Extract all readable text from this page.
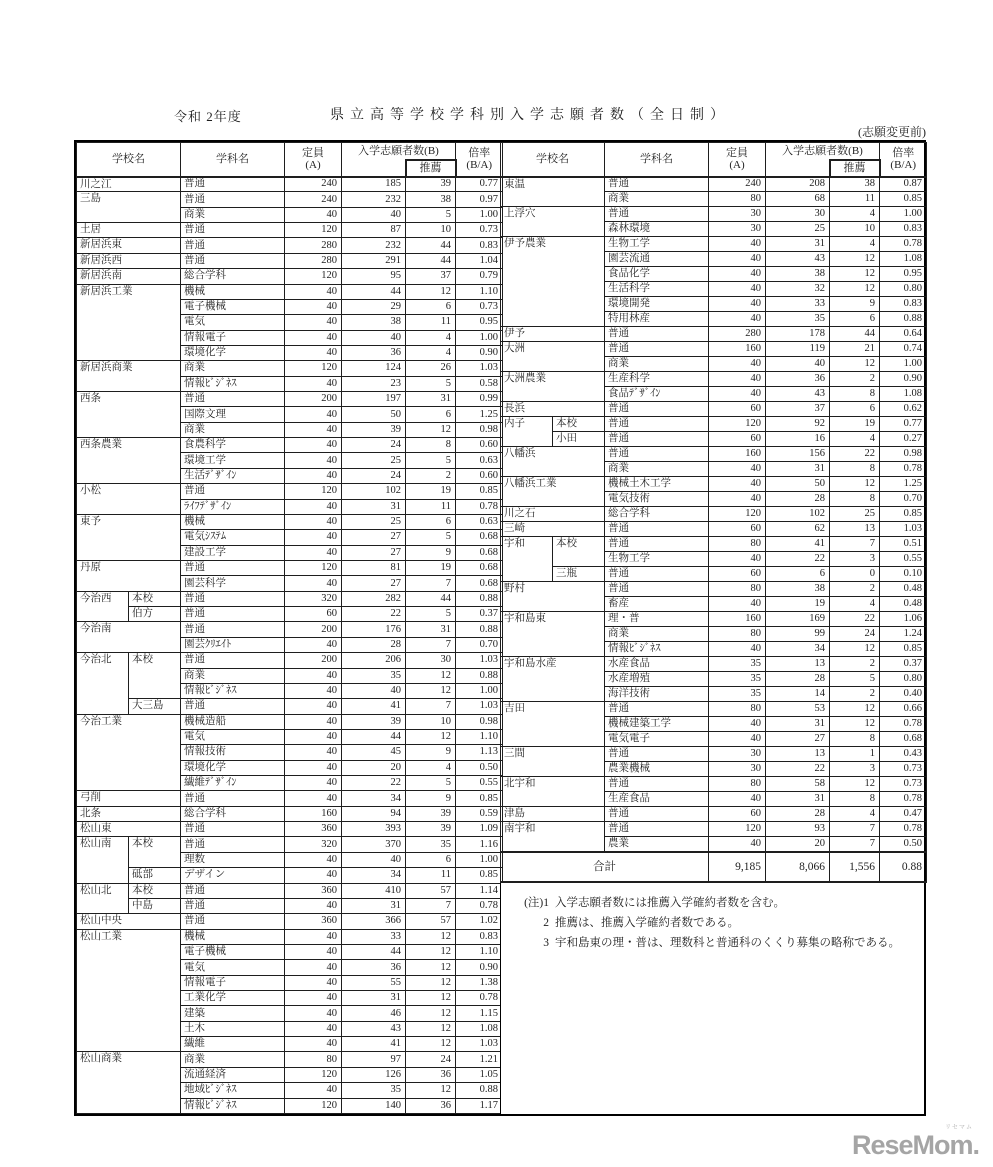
令和 2年度	県立高等学校学科別入学志願者数（全日制）
(志願変更前)
学校名		学科名	定員
(A)	入学志願者数(B)		倍率
(B/A)
					推薦	
川之江		普通	240	185	39	0.77
三島		普通	240	232	38	0.97
		商業	40	40	5	1.00
土居		普通	120	87	10	0.73
新居浜東		普通	280	232	44	0.83
新居浜西		普通	280	291	44	1.04
新居浜南		総合学科	120	95	37	0.79
新居浜工業		機械	40	44	12	1.10
		電子機械	40	29	6	0.73
		電気	40	38	11	0.95
		情報電子	40	40	4	1.00
		環境化学	40	36	4	0.90
新居浜商業		商業	120	124	26	1.03
		情報ﾋﾞｼﾞﾈｽ	40	23	5	0.58
西条		普通	200	197	31	0.99
		国際文理	40	50	6	1.25
		商業	40	39	12	0.98
西条農業		食農科学	40	24	8	0.60
		環境工学	40	25	5	0.63
		生活ﾃﾞｻﾞｲﾝ	40	24	2	0.60
小松		普通	120	102	19	0.85
		ﾗｲﾌﾃﾞｻﾞｲﾝ	40	31	11	0.78
東予		機械	40	25	6	0.63
		電気ｼｽﾃﾑ	40	27	5	0.68
		建設工学	40	27	9	0.68
丹原		普通	120	81	19	0.68
		園芸科学	40	27	7	0.68
今治西	本校	普通	320	282	44	0.88
	伯方	普通	60	22	5	0.37
今治南		普通	200	176	31	0.88
		園芸ｸﾘｴｲﾄ	40	28	7	0.70
今治北	本校	普通	200	206	30	1.03
		商業	40	35	12	0.88
		情報ﾋﾞｼﾞﾈｽ	40	40	12	1.00
	大三島	普通	40	41	7	1.03
今治工業		機械造船	40	39	10	0.98
		電気	40	44	12	1.10
		情報技術	40	45	9	1.13
		環境化学	40	20	4	0.50
		繊維ﾃﾞｻﾞｲﾝ	40	22	5	0.55
弓削		普通	40	34	9	0.85
北条		総合学科	160	94	39	0.59
松山東		普通	360	393	39	1.09
松山南	本校	普通	320	370	35	1.16
		理数	40	40	6	1.00
	砥部	デザイン	40	34	11	0.85
松山北	本校	普通	360	410	57	1.14
	中島	普通	40	31	7	0.78
松山中央		普通	360	366	57	1.02
松山工業		機械	40	33	12	0.83
		電子機械	40	44	12	1.10
		電気	40	36	12	0.90
		情報電子	40	55	12	1.38
		工業化学	40	31	12	0.78
		建築	40	46	12	1.15
		土木	40	43	12	1.08
		繊維	40	41	12	1.03
松山商業		商業	80	97	24	1.21
		流通経済	120	126	36	1.05
		地域ﾋﾞｼﾞﾈｽ	40	35	12	0.88
		情報ﾋﾞｼﾞﾈｽ	120	140	36	1.17
学校名		学科名	定員
(A)	入学志願者数(B)		倍率
(B/A)
					推薦	
東温		普通	240	208	38	0.87
		商業	80	68	11	0.85
上浮穴		普通	30	30	4	1.00
		森林環境	30	25	10	0.83
伊予農業		生物工学	40	31	4	0.78
		園芸流通	40	43	12	1.08
		食品化学	40	38	12	0.95
		生活科学	40	32	12	0.80
		環境開発	40	33	9	0.83
		特用林産	40	35	6	0.88
伊予		普通	280	178	44	0.64
大洲		普通	160	119	21	0.74
		商業	40	40	12	1.00
大洲農業		生産科学	40	36	2	0.90
		食品ﾃﾞｻﾞｲﾝ	40	43	8	1.08
長浜		普通	60	37	6	0.62
内子	本校	普通	120	92	19	0.77
	小田	普通	60	16	4	0.27
八幡浜		普通	160	156	22	0.98
		商業	40	31	8	0.78
八幡浜工業		機械土木工学	40	50	12	1.25
		電気技術	40	28	8	0.70
川之石		総合学科	120	102	25	0.85
三崎		普通	60	62	13	1.03
宇和	本校	普通	80	41	7	0.51
		生物工学	40	22	3	0.55
	三瓶	普通	60	6	0	0.10
野村		普通	80	38	2	0.48
		畜産	40	19	4	0.48
宇和島東		理・普	160	169	22	1.06
		商業	80	99	24	1.24
		情報ﾋﾞｼﾞﾈｽ	40	34	12	0.85
宇和島水産		水産食品	35	13	2	0.37
		水産増殖	35	28	5	0.80
		海洋技術	35	14	2	0.40
吉田		普通	80	53	12	0.66
		機械建築工学	40	31	12	0.78
		電気電子	40	27	8	0.68
三間		普通	30	13	1	0.43
		農業機械	30	22	3	0.73
北宇和		普通	80	58	12	0.73
		生産食品	40	31	8	0.78
津島		普通	60	28	4	0.47
南宇和		普通	120	93	7	0.78
		農業	40	20	7	0.50
合計			9,185	8,066	1,556	0.88
(注)1 入学志願者数には推薦入学確約者数を含む。
2 推薦は、推薦入学確約者数である。
3 宇和島東の理・普は、理数科と普通科のくくり募集の略称である。
リセマム
ReseMom.
